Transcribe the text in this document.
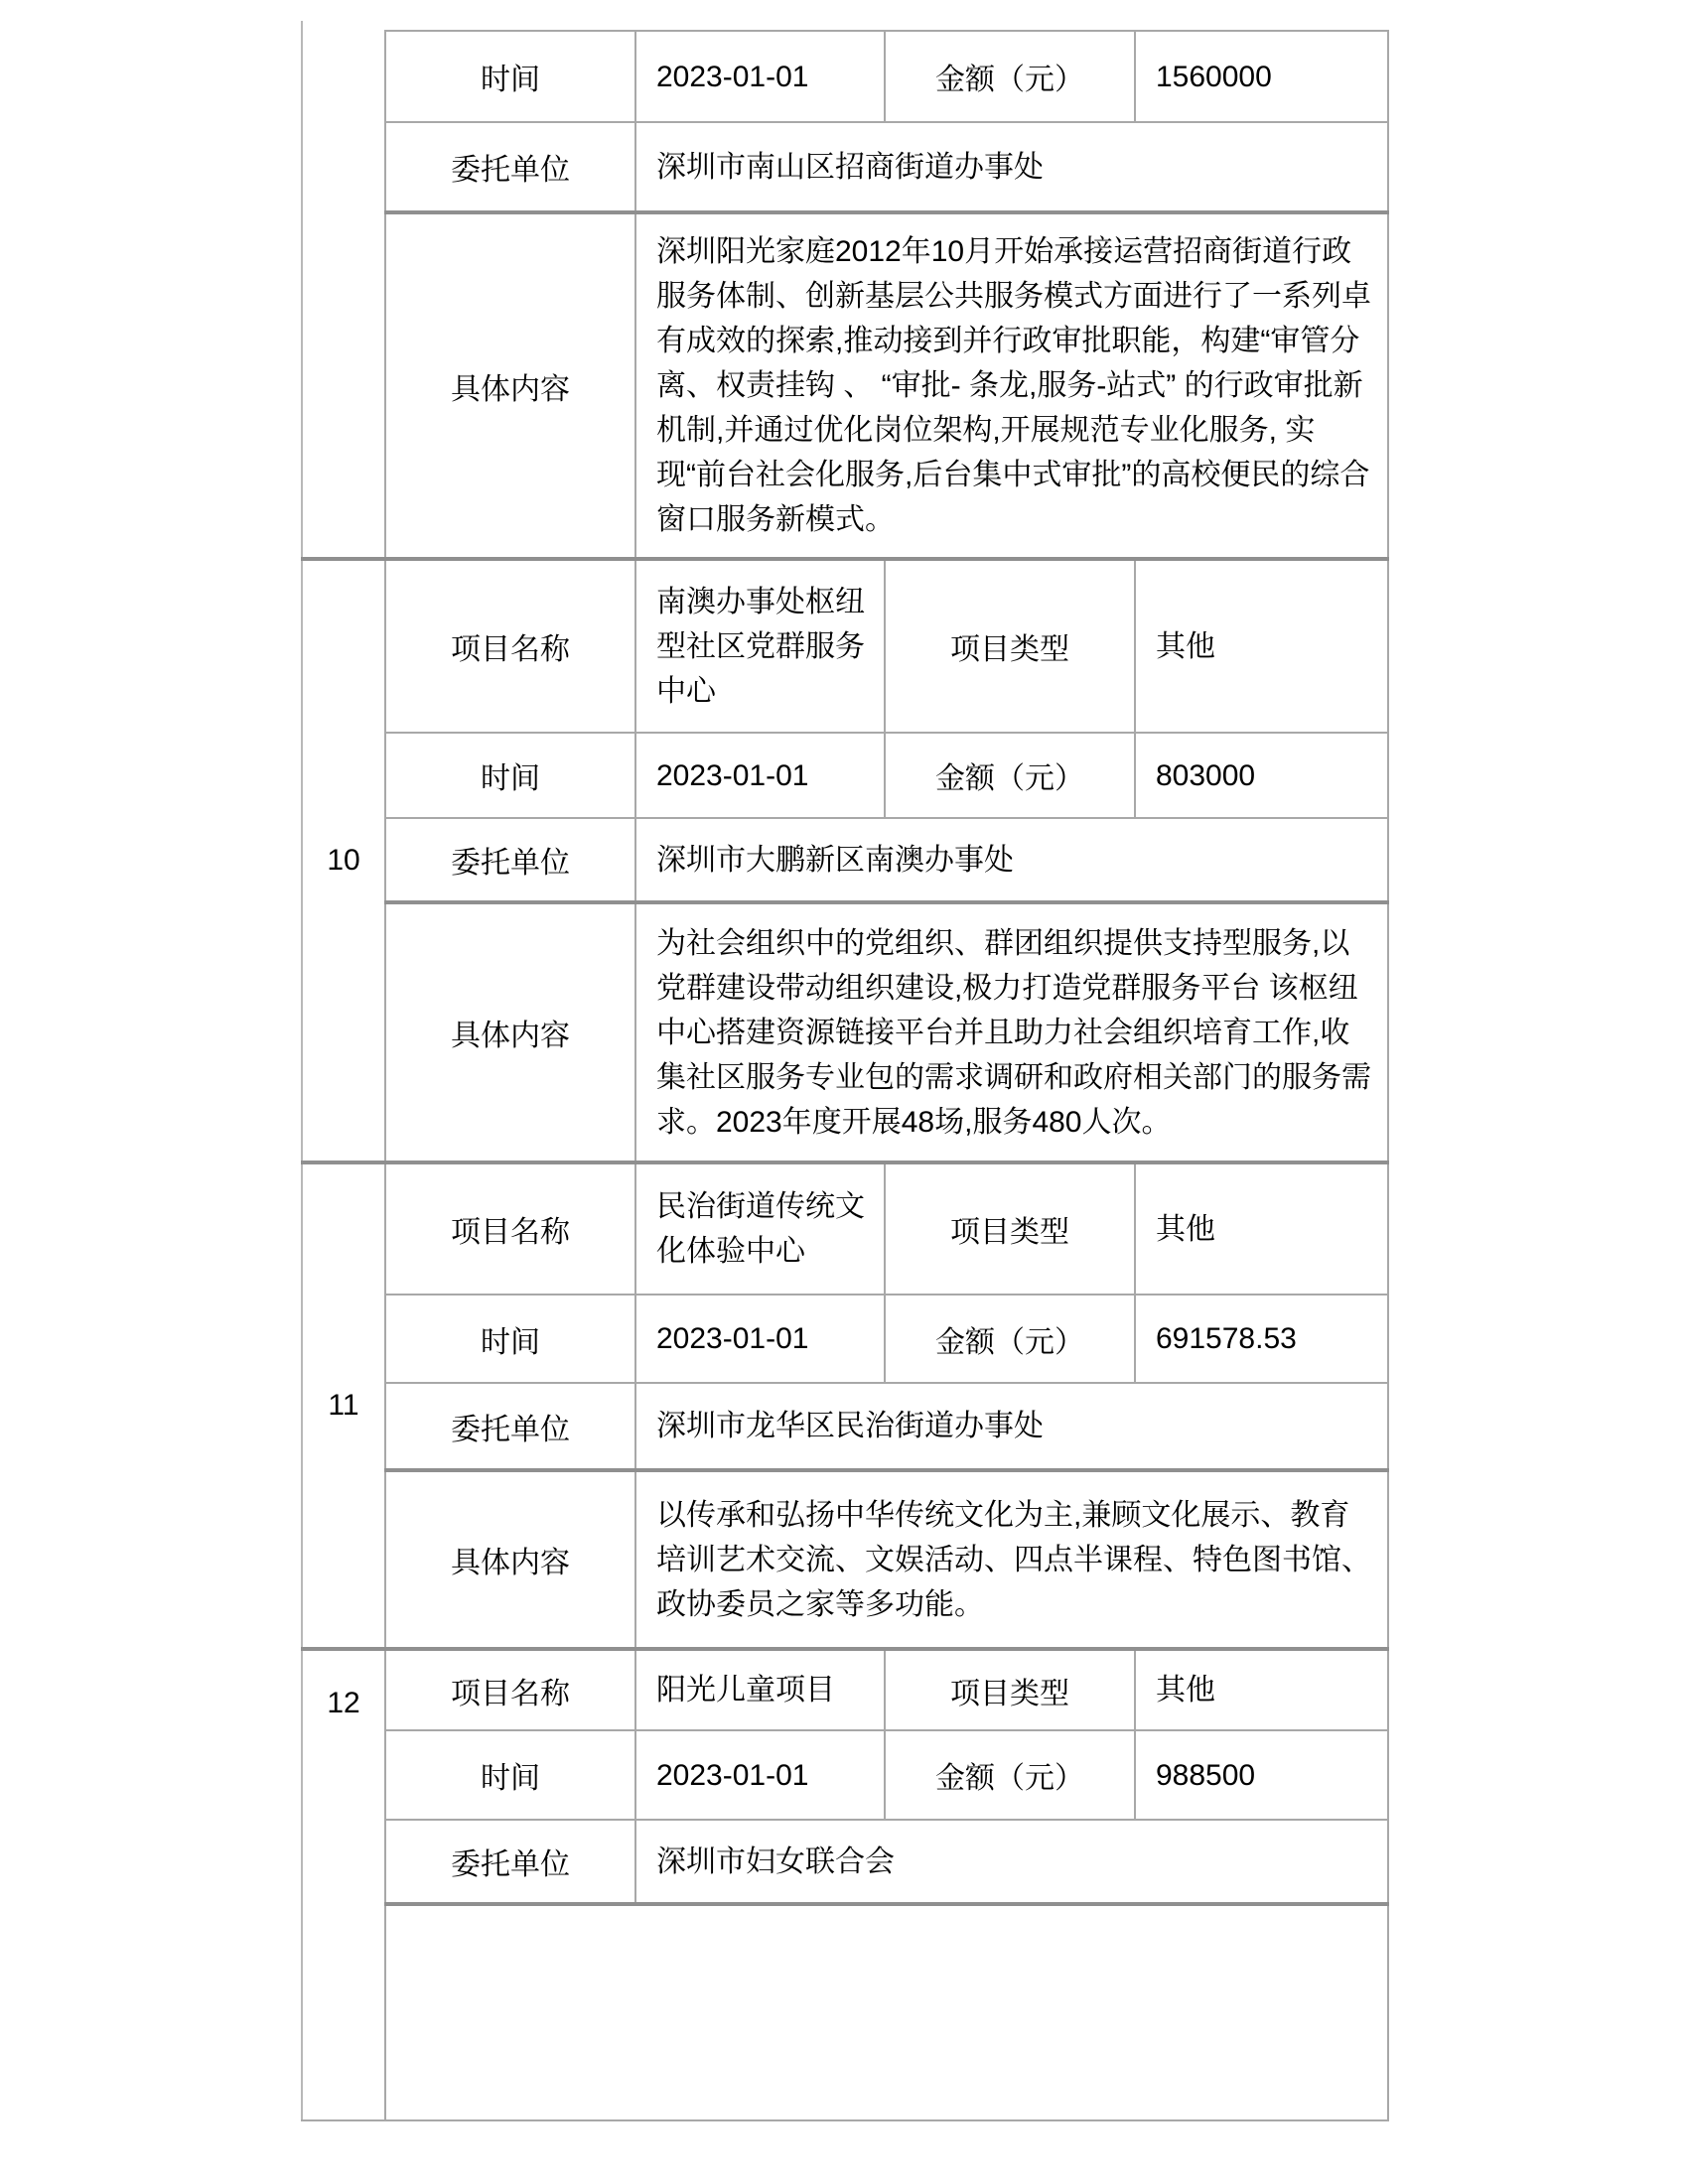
	时间	2023-01-01	金额（元）	1560000
	委托单位	深圳市南山区招商街道办事处		
	具体内容	深圳阳光家庭2012年10月开始承接运营招商街道行政服务体制、创新基层公共服务模式方面进行了一系列卓有成效的探索,推动接到并行政审批职能，构建“审管分离、权责挂钩 、 “审批- 条龙,服务-站式” 的行政审批新机制,并通过优化岗位架构,开展规范专业化服务, 实现“前台社会化服务,后台集中式审批”的高校便民的综合窗口服务新模式。		
10	项目名称	南澳办事处枢纽型社区党群服务中心	项目类型	其他
	时间	2023-01-01	金额（元）	803000
	委托单位	深圳市大鹏新区南澳办事处		
	具体内容	为社会组织中的党组织、群团组织提供支持型服务,以党群建设带动组织建设,极力打造党群服务平台 该枢纽中心搭建资源链接平台并且助力社会组织培育工作,收集社区服务专业包的需求调研和政府相关部门的服务需求。2023年度开展48场,服务480人次。		
11	项目名称	民治街道传统文化体验中心	项目类型	其他
	时间	2023-01-01	金额（元）	691578.53
	委托单位	深圳市龙华区民治街道办事处		
	具体内容	以传承和弘扬中华传统文化为主,兼顾文化展示、教育培训艺术交流、文娱活动、四点半课程、特色图书馆、政协委员之家等多功能。		
12	项目名称	阳光儿童项目	项目类型	其他
	时间	2023-01-01	金额（元）	988500
	委托单位	深圳市妇女联合会		
